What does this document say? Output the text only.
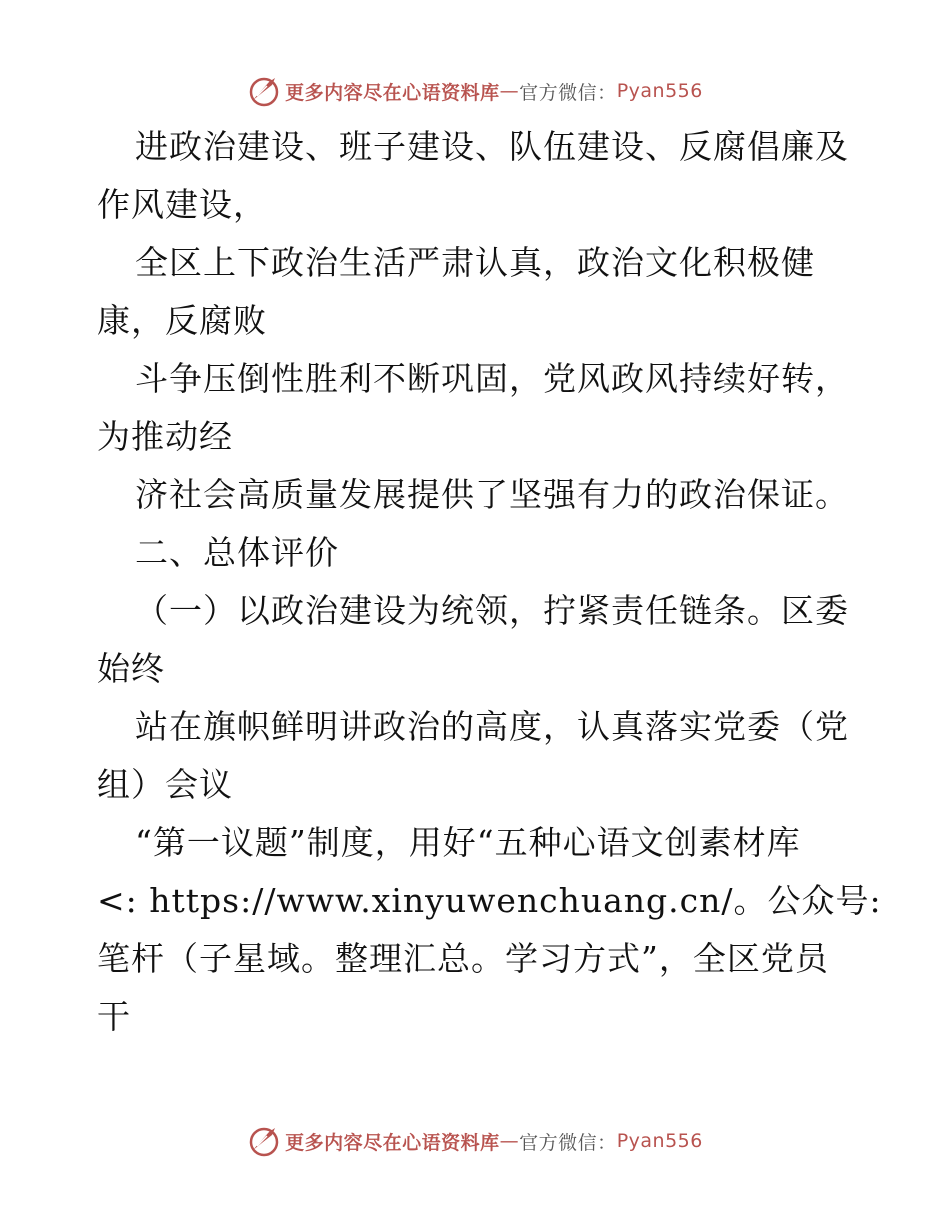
更多内容尽在心语资料库 — 官方微信： Pyan556
进政治建设、班子建设、队伍建设、反腐倡廉及
作风建设，
全区上下政治生活严肃认真，政治文化积极健
康，反腐败
斗争压倒性胜利不断巩固，党风政风持续好转，
为推动经
济社会高质量发展提供了坚强有力的政治保证。
二、总体评价
（一）以政治建设为统领，拧紧责任链条。区委
始终
站在旗帜鲜明讲政治的高度，认真落实党委（党
组）会议
“第一议题”制度，用好“五种心语文创素材库
<: https://www.xinyuwenchuang.cn/。公众号:
笔杆（子星域。整理汇总。学习方式”，全区党员
干
更多内容尽在心语资料库 — 官方微信： Pyan556
